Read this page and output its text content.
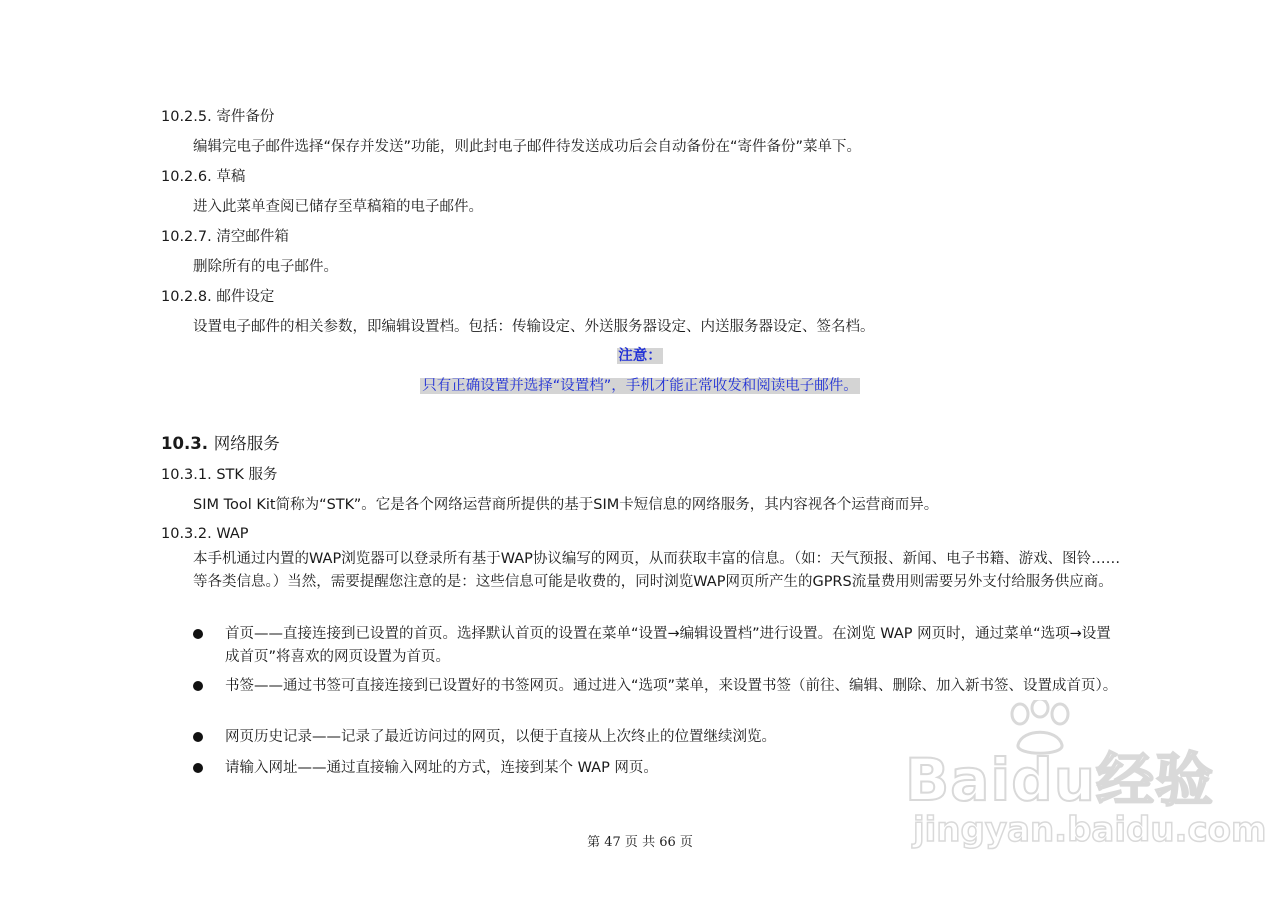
10.2.5. 寄件备份
编辑完电子邮件选择“保存并发送”功能，则此封电子邮件待发送成功后会自动备份在“寄件备份”菜单下。
10.2.6. 草稿
进入此菜单查阅已储存至草稿箱的电子邮件。
10.2.7. 清空邮件箱
删除所有的电子邮件。
10.2.8. 邮件设定
设置电子邮件的相关参数，即编辑设置档。包括：传输设定、外送服务器设定、内送服务器设定、签名档。
注意：
只有正确设置并选择“设置档”，手机才能正常收发和阅读电子邮件。
10.3. 网络服务
10.3.1. STK 服务
SIM Tool Kit简称为“STK”。它是各个网络运营商所提供的基于SIM卡短信息的网络服务，其内容视各个运营商而异。
10.3.2. WAP
本手机通过内置的WAP浏览器可以登录所有基于WAP协议编写的网页，从而获取丰富的信息。（如：天气预报、新闻、电子书籍、游戏、图铃……等各类信息。）当然，需要提醒您注意的是：这些信息可能是收费的，同时浏览WAP网页所产生的GPRS流量费用则需要另外支付给服务供应商。
首页——直接连接到已设置的首页。选择默认首页的设置在菜单“设置→编辑设置档”进行设置。在浏览 WAP 网页时，通过菜单“选项→设置成首页”将喜欢的网页设置为首页。
书签——通过书签可直接连接到已设置好的书签网页。通过进入“选项”菜单，来设置书签（前往、编辑、删除、加入新书签、设置成首页）。
网页历史记录——记录了最近访问过的网页，以便于直接从上次终止的位置继续浏览。
请输入网址——通过直接输入网址的方式，连接到某个 WAP 网页。
第 47 页 共 66 页
Baidu经验
jingyan.baidu.com
